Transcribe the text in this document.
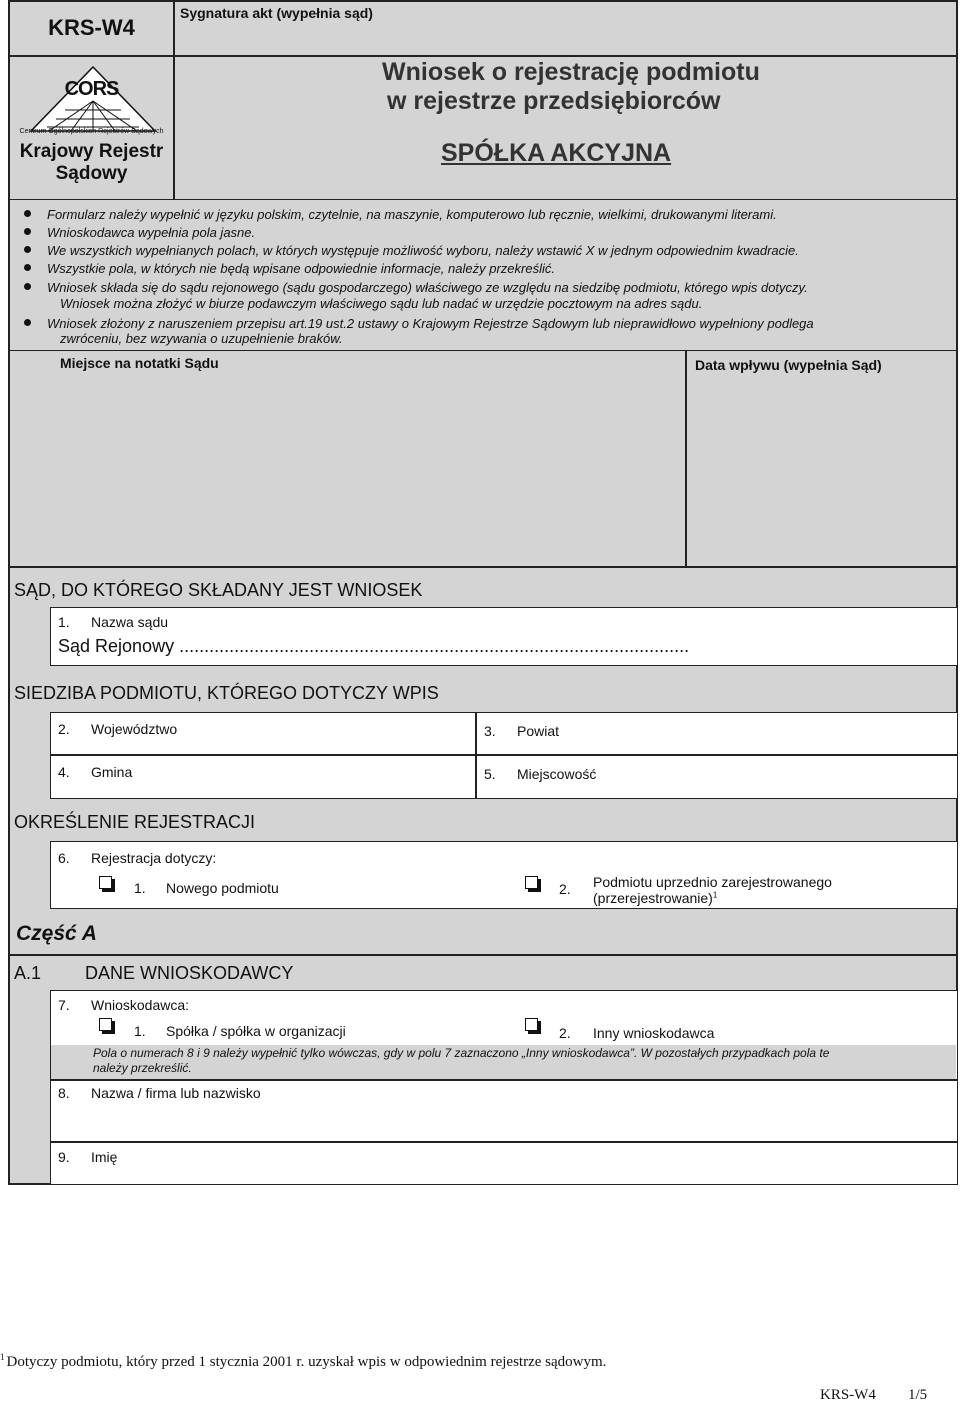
KRS-W4
Sygnatura akt (wypełnia sąd)
CORS
Centrum Ogólnopolskich Rejestrów Sądowych
Krajowy Rejestr
Sądowy
Wniosek o rejestrację podmiotu
w rejestrze przedsiębiorców
SPÓŁKA AKCYJNA
Formularz należy wypełnić w języku polskim, czytelnie, na maszynie, komputerowo lub ręcznie, wielkimi, drukowanymi literami.
Wnioskodawca wypełnia pola jasne.
We wszystkich wypełnianych polach, w których występuje możliwość wyboru, należy wstawić X w jednym odpowiednim kwadracie.
Wszystkie pola, w których nie będą wpisane odpowiednie informacje, należy przekreślić.
Wniosek składa się do sądu rejonowego (sądu gospodarczego) właściwego ze względu na siedzibę podmiotu, którego wpis dotyczy.
Wniosek można złożyć w biurze podawczym właściwego sądu lub nadać w urzędzie pocztowym na adres sądu.
Wniosek złożony z naruszeniem przepisu art.19 ust.2 ustawy o Krajowym Rejestrze Sądowym lub nieprawidłowo wypełniony podlega
zwróceniu, bez wzywania o uzupełnienie braków.
Miejsce na notatki Sądu	Data wpływu (wypełnia Sąd)
SĄD, DO KTÓREGO SKŁADANY JEST WNIOSEK
1. Nazwa sądu
Sąd Rejonowy ......................................................................................................
SIEDZIBA PODMIOTU, KTÓREGO DOTYCZY WPIS
2. Województwo	3. Powiat
4. Gmina	5. Miejscowość
OKREŚLENIE REJESTRACJI
6. Rejestracja dotyczy:
1. Nowego podmiotu	2. Podmiotu uprzednio zarejestrowanego
(przerejestrowanie)$^1$
Część A
A.1 DANE WNIOSKODAWCY
7. Wnioskodawca:
1. Spółka / spółka w organizacji	2. Inny wnioskodawca
Pola o numerach 8 i 9 należy wypełnić tylko wówczas, gdy w polu 7 zaznaczono „Inny wnioskodawca”. W pozostałych przypadkach pola te
należy przekreślić.
8. Nazwa / firma lub nazwisko
9. Imię
$^1$ Dotyczy podmiotu, który przed 1 stycznia 2001 r. uzyskał wpis w odpowiednim rejestrze sądowym.
KRS-W4 1/5
